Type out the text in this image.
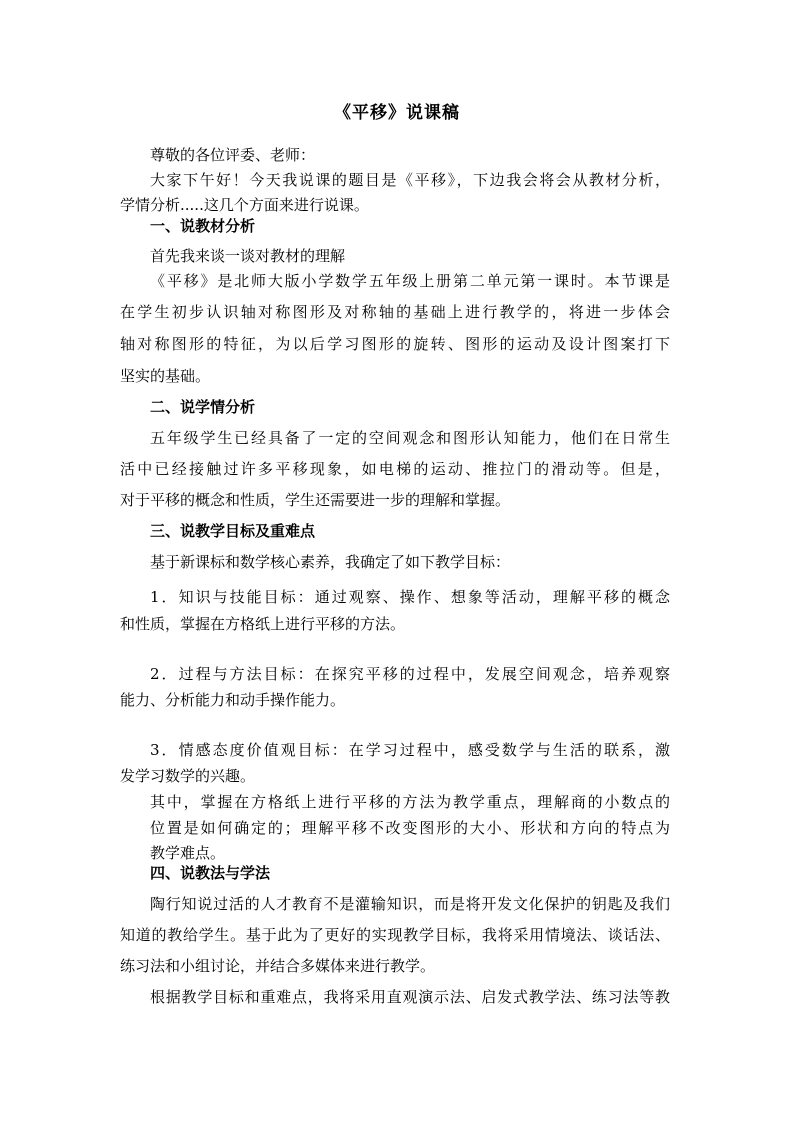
《平移》说课稿
尊敬的各位评委、老师：
大家下午好！今天我说课的题目是《平移》，下边我会将会从教材分析，
学情分析.....这几个方面来进行说课。
一、说教材分析
首先我来谈一谈对教材的理解
《平移》是北师大版小学数学五年级上册第二单元第一课时。本节课是
在学生初步认识轴对称图形及对称轴的基础上进行教学的，将进一步体会
轴对称图形的特征，为以后学习图形的旋转、图形的运动及设计图案打下
坚实的基础。
二、说学情分析
五年级学生已经具备了一定的空间观念和图形认知能力，他们在日常生
活中已经接触过许多平移现象，如电梯的运动、推拉门的滑动等。但是，
对于平移的概念和性质，学生还需要进一步的理解和掌握。
三、说教学目标及重难点
基于新课标和数学核心素养，我确定了如下教学目标：
1．知识与技能目标：通过观察、操作、想象等活动，理解平移的概念
和性质，掌握在方格纸上进行平移的方法。
2．过程与方法目标：在探究平移的过程中，发展空间观念，培养观察
能力、分析能力和动手操作能力。
3．情感态度价值观目标：在学习过程中，感受数学与生活的联系，激
发学习数学的兴趣。
其中，掌握在方格纸上进行平移的方法为教学重点，理解商的小数点的
位置是如何确定的；理解平移不改变图形的大小、形状和方向的特点为
教学难点。
四、说教法与学法
陶行知说过活的人才教育不是灌输知识，而是将开发文化保护的钥匙及我们
知道的教给学生。基于此为了更好的实现教学目标，我将采用情境法、谈话法、
练习法和小组讨论，并结合多媒体来进行教学。
根据教学目标和重难点，我将采用直观演示法、启发式教学法、练习法等教
